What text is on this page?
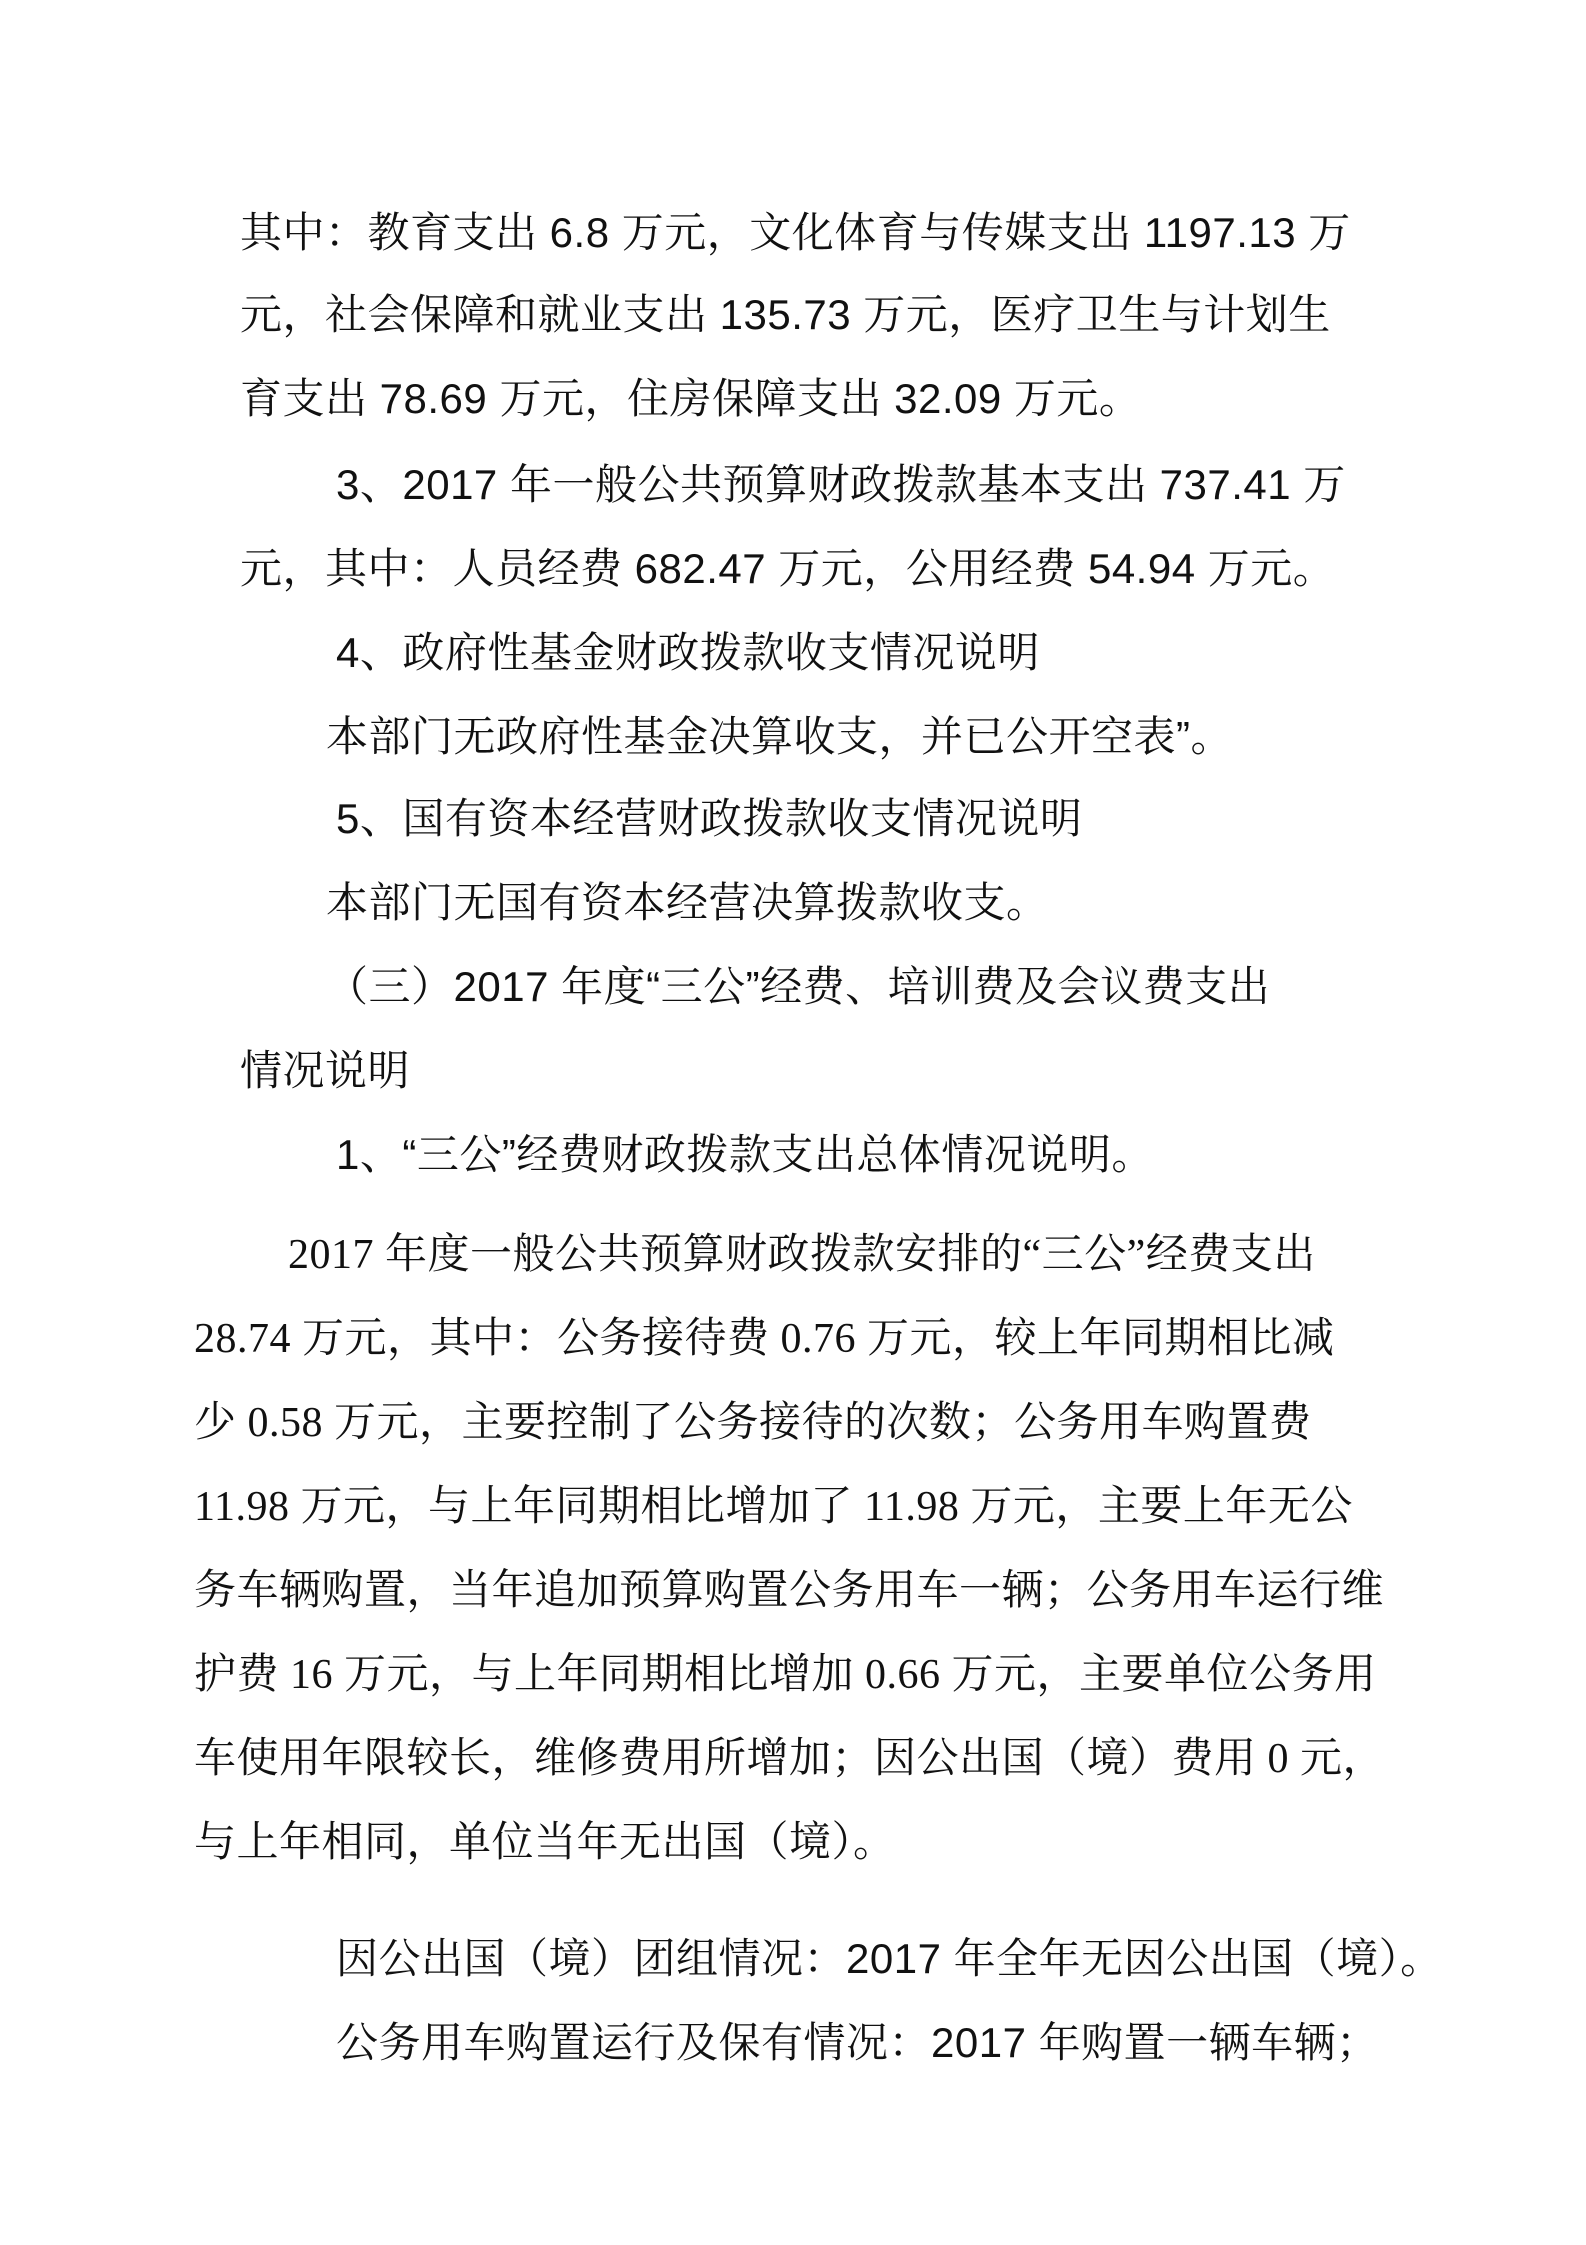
其中：教育支出 6.8 万元，文化体育与传媒支出 1197.13 万

元，社会保障和就业支出 135.73 万元，医疗卫生与计划生

育支出 78.69 万元，住房保障支出 32.09 万元。

3、2017 年一般公共预算财政拨款基本支出 737.41 万

元，其中：人员经费 682.47 万元，公用经费 54.94 万元。

4、政府性基金财政拨款收支情况说明

本部门无政府性基金决算收支，并已公开空表”。

5、国有资本经营财政拨款收支情况说明

本部门无国有资本经营决算拨款收支。

（三）2017 年度“三公”经费、培训费及会议费支出

情况说明

1、“三公”经费财政拨款支出总体情况说明。

2017 年度一般公共预算财政拨款安排的“三公”经费支出

28.74 万元，其中：公务接待费 0.76 万元，较上年同期相比减

少 0.58 万元，主要控制了公务接待的次数；公务用车购置费

11.98 万元，与上年同期相比增加了 11.98 万元，主要上年无公

务车辆购置，当年追加预算购置公务用车一辆；公务用车运行维

护费 16 万元，与上年同期相比增加 0.66 万元，主要单位公务用

车使用年限较长，维修费用所增加；因公出国（境）费用 0 元，

与上年相同，单位当年无出国（境）。

因公出国（境）团组情况：2017 年全年无因公出国（境）。

公务用车购置运行及保有情况：2017 年购置一辆车辆；
